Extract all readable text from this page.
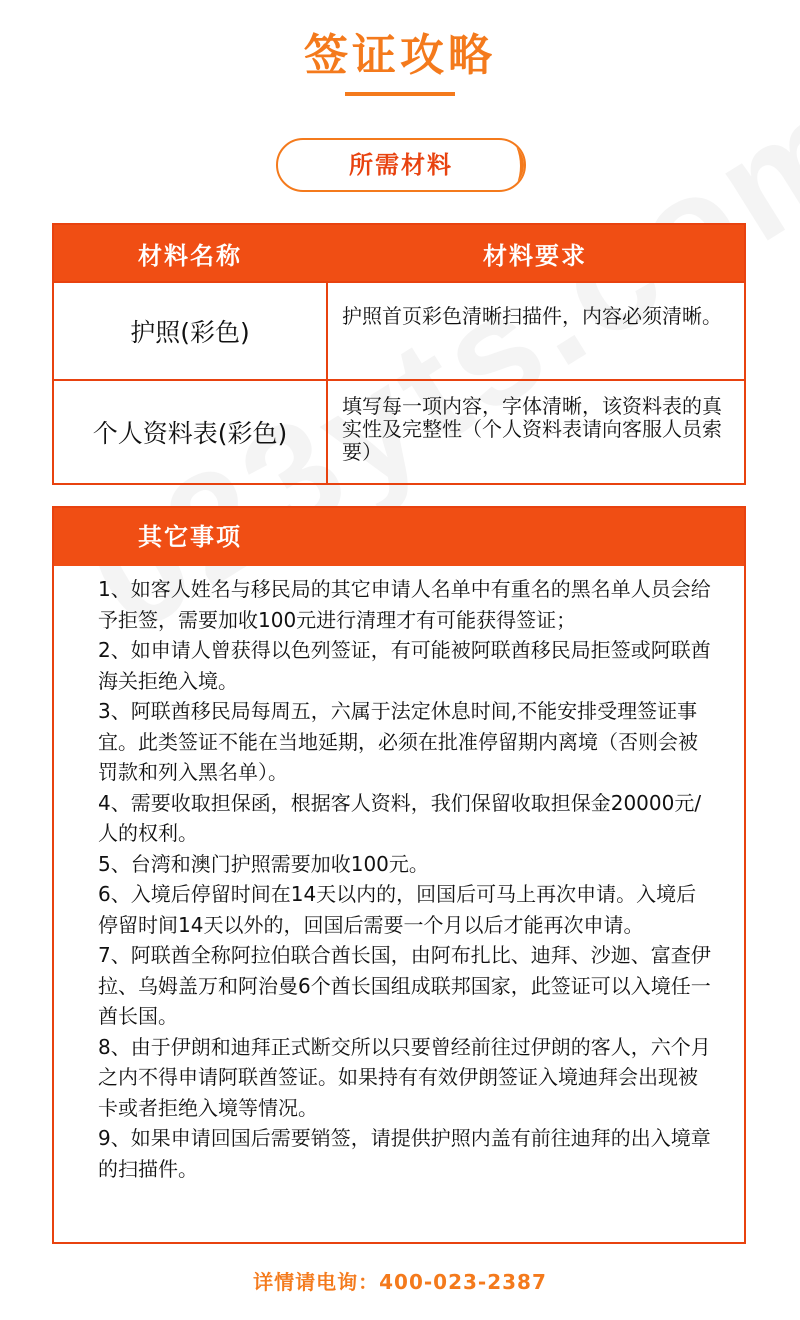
签证攻略
所需材料
材料名称	材料要求
护照(彩色)
护照首页彩色清晰扫描件，内容必须清晰。
个人资料表(彩色)
填写每一项内容，字体清晰，该资料表的真实性及完整性（个人资料表请向客服人员索要）
其它事项

1、如客人姓名与移民局的其它申请人名单中有重名的黑名单人员会给予拒签，需要加收100元进行清理才有可能获得签证；

2、如申请人曾获得以色列签证，有可能被阿联酋移民局拒签或阿联酋海关拒绝入境。

3、阿联酋移民局每周五，六属于法定休息时间,不能安排受理签证事宜。此类签证不能在当地延期，必须在批准停留期内离境（否则会被罚款和列入黑名单）。

4、需要收取担保函，根据客人资料，我们保留收取担保金20000元/人的权利。

5、台湾和澳门护照需要加收100元。

6、入境后停留时间在14天以内的，回国后可马上再次申请。入境后停留时间14天以外的，回国后需要一个月以后才能再次申请。

7、阿联酋全称阿拉伯联合酋长国，由阿布扎比、迪拜、沙迦、富查伊拉、乌姆盖万和阿治曼6个酋长国组成联邦国家，此签证可以入境任一酋长国。

8、由于伊朗和迪拜正式断交所以只要曾经前往过伊朗的客人，六个月之内不得申请阿联酋签证。如果持有有效伊朗签证入境迪拜会出现被卡或者拒绝入境等情况。

9、如果申请回国后需要销签，请提供护照内盖有前往迪拜的出入境章的扫描件。

详情请电询：400-023-2387
